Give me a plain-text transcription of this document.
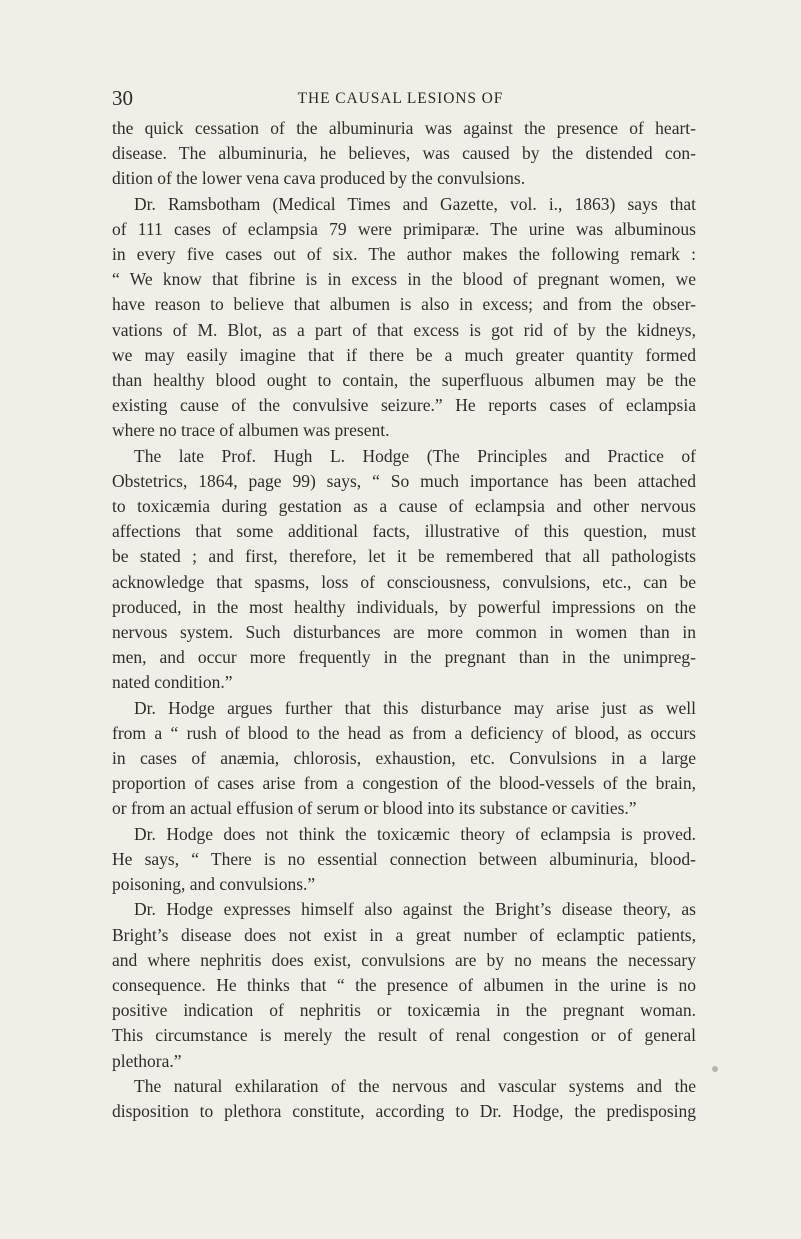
30	THE CAUSAL LESIONS OF
the quick cessation of the albuminuria was against the presence of heart-
disease. The albuminuria, he believes, was caused by the distended con-
dition of the lower vena cava produced by the convulsions.
Dr. Ramsbotham (Medical Times and Gazette, vol. i., 1863) says that
of 111 cases of eclampsia 79 were primiparæ. The urine was albuminous
in every five cases out of six. The author makes the following remark :
“ We know that fibrine is in excess in the blood of pregnant women, we
have reason to believe that albumen is also in excess; and from the obser-
vations of M. Blot, as a part of that excess is got rid of by the kidneys,
we may easily imagine that if there be a much greater quantity formed
than healthy blood ought to contain, the superfluous albumen may be the
existing cause of the convulsive seizure.” He reports cases of eclampsia
where no trace of albumen was present.
The late Prof. Hugh L. Hodge (The Principles and Practice of
Obstetrics, 1864, page 99) says, “ So much importance has been attached
to toxicæmia during gestation as a cause of eclampsia and other nervous
affections that some additional facts, illustrative of this question, must
be stated ; and first, therefore, let it be remembered that all pathologists
acknowledge that spasms, loss of consciousness, convulsions, etc., can be
produced, in the most healthy individuals, by powerful impressions on the
nervous system. Such disturbances are more common in women than in
men, and occur more frequently in the pregnant than in the unimpreg-
nated condition.”
Dr. Hodge argues further that this disturbance may arise just as well
from a “ rush of blood to the head as from a deficiency of blood, as occurs
in cases of anæmia, chlorosis, exhaustion, etc. Convulsions in a large
proportion of cases arise from a congestion of the blood-vessels of the brain,
or from an actual effusion of serum or blood into its substance or cavities.”
Dr. Hodge does not think the toxicæmic theory of eclampsia is proved.
He says, “ There is no essential connection between albuminuria, blood-
poisoning, and convulsions.”
Dr. Hodge expresses himself also against the Bright’s disease theory, as
Bright’s disease does not exist in a great number of eclamptic patients,
and where nephritis does exist, convulsions are by no means the necessary
consequence. He thinks that “ the presence of albumen in the urine is no
positive indication of nephritis or toxicæmia in the pregnant woman.
This circumstance is merely the result of renal congestion or of general
plethora.”
The natural exhilaration of the nervous and vascular systems and the
disposition to plethora constitute, according to Dr. Hodge, the predisposing
